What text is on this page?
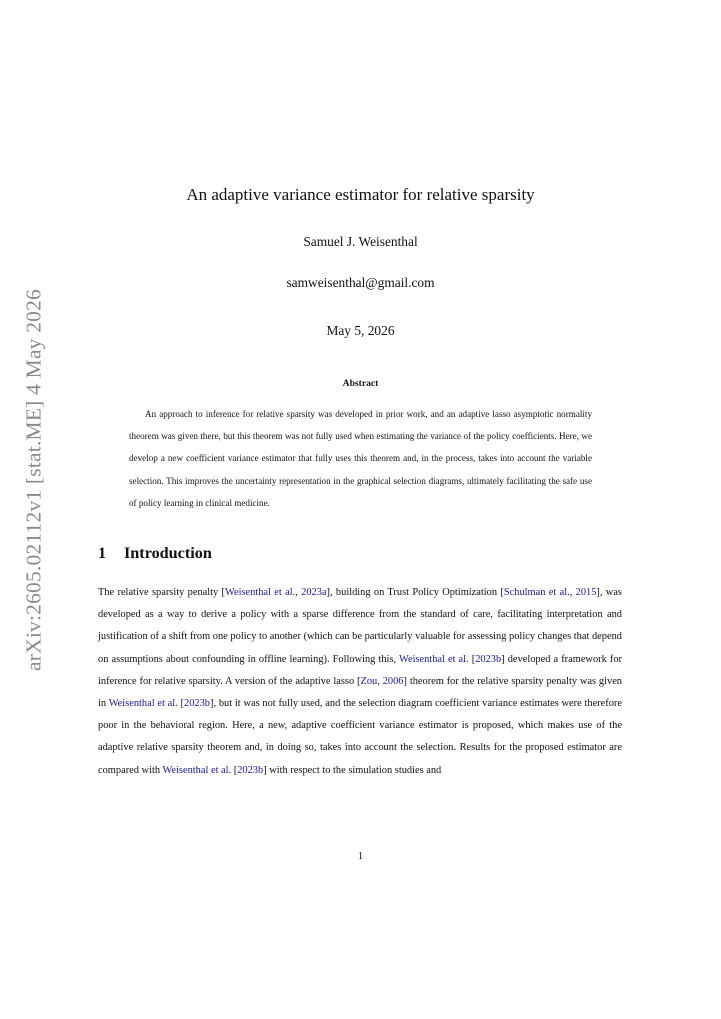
arXiv:2605.02112v1 [stat.ME] 4 May 2026
An adaptive variance estimator for relative sparsity
Samuel J. Weisenthal
samweisenthal@gmail.com
May 5, 2026
Abstract

An approach to inference for relative sparsity was developed in prior work, and an adaptive lasso asymptotic normality theorem was given there, but this theorem was not fully used when estimating the variance of the policy coefficients. Here, we develop a new coefficient variance estimator that fully uses this theorem and, in the process, takes into account the variable selection. This improves the uncertainty representation in the graphical selection diagrams, ultimately facilitating the safe use of policy learning in clinical medicine.

1 Introduction

The relative sparsity penalty [Weisenthal et al., 2023a], building on Trust Policy Optimization [Schulman et al., 2015], was developed as a way to derive a policy with a sparse difference from the standard of care, facilitating interpretation and justification of a shift from one policy to another (which can be particularly valuable for assessing policy changes that depend on assumptions about confounding in offline learning). Following this, Weisenthal et al. [2023b] developed a framework for inference for relative sparsity. A version of the adaptive lasso [Zou, 2006] theorem for the relative sparsity penalty was given in Weisenthal et al. [2023b], but it was not fully used, and the selection diagram coefficient variance estimates were therefore poor in the behavioral region. Here, a new, adaptive coefficient variance estimator is proposed, which makes use of the adaptive relative sparsity theorem and, in doing so, takes into account the selection. Results for the proposed estimator are compared with Weisenthal et al. [2023b] with respect to the simulation studies and

1
